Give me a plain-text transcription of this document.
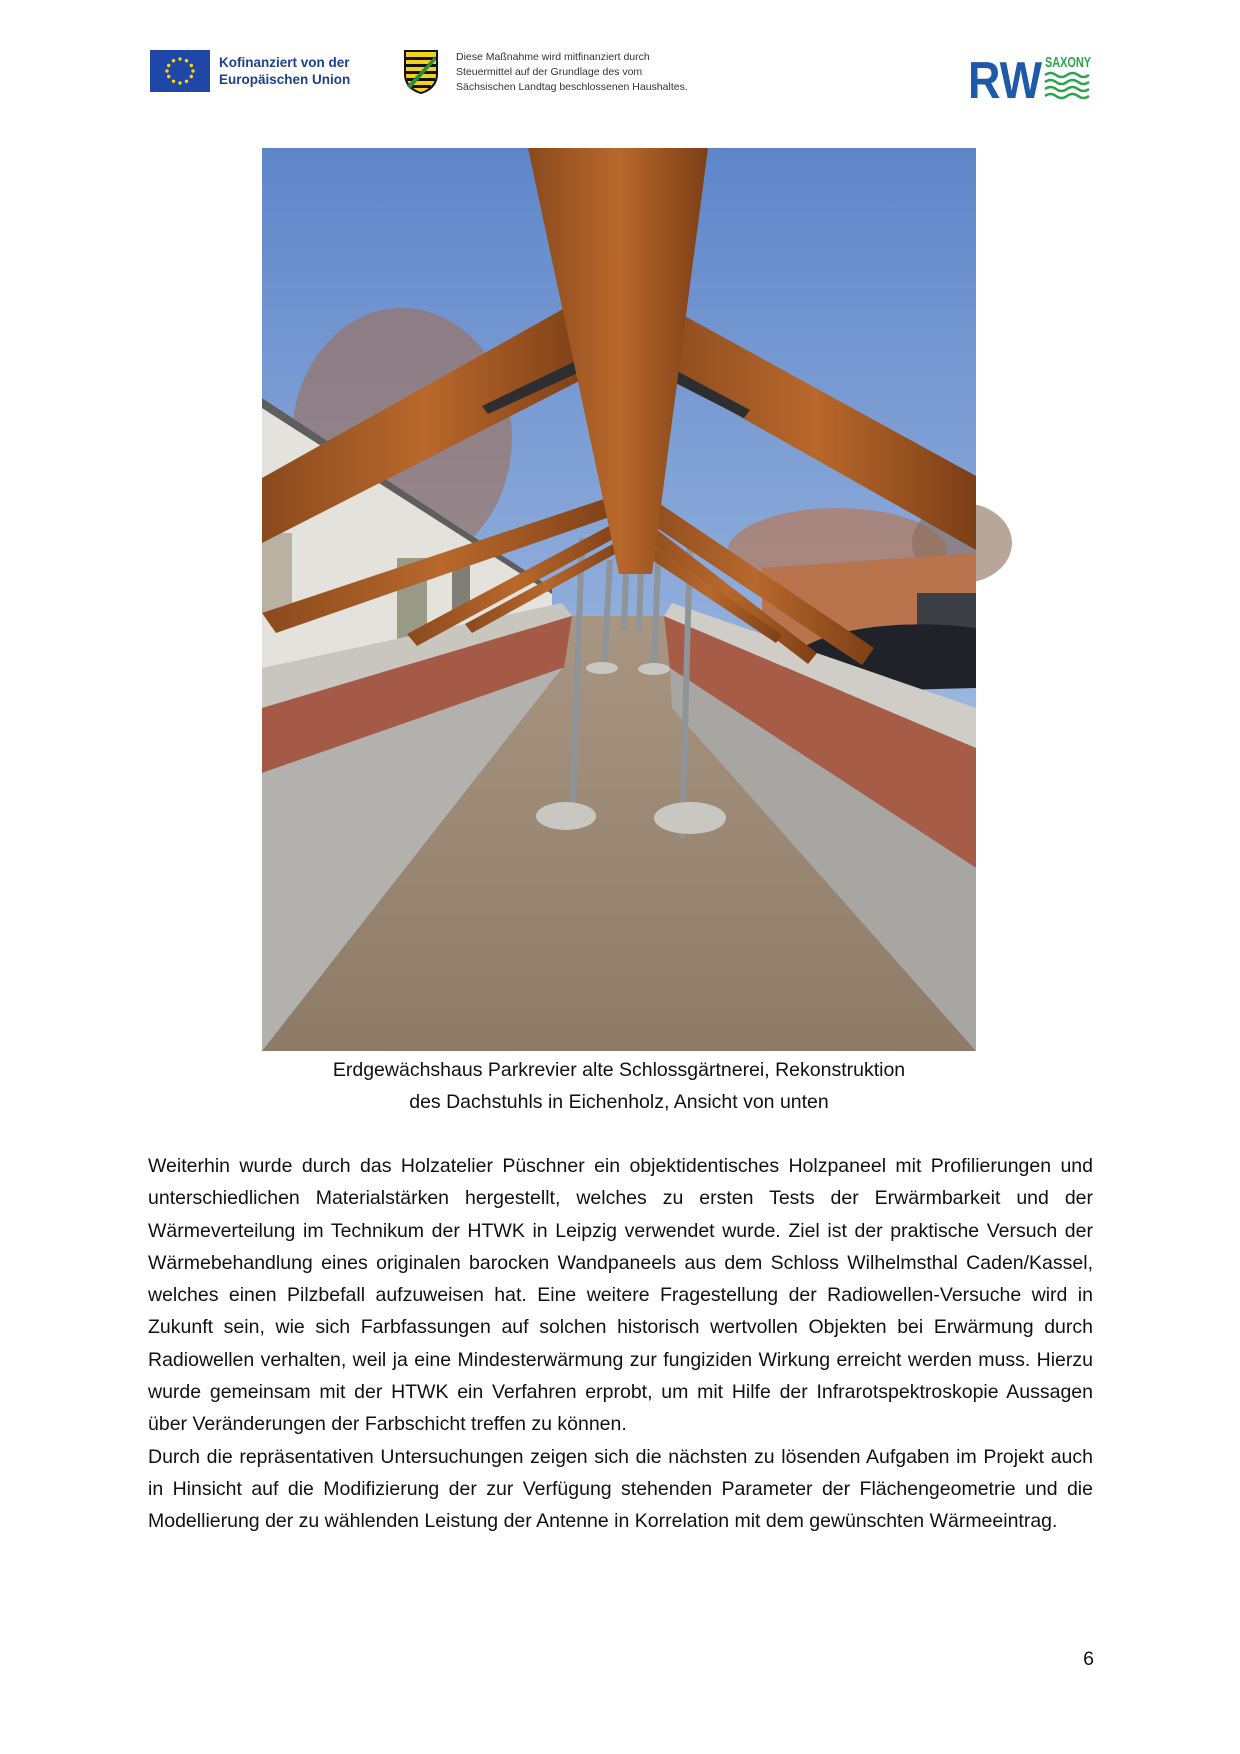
Kofinanziert von der
Europäischen Union
Diese Maßnahme wird mitfinanziert durch
Steuermittel auf der Grundlage des vom
Sächsischen Landtag beschlossenen Haushaltes.	RW SAXONY
Erdgewächshaus Parkrevier alte Schlossgärtnerei, Rekonstruktion
des Dachstuhls in Eichenholz, Ansicht von unten

Weiterhin wurde durch das Holzatelier Püschner ein objektidentisches Holzpaneel mit Profilierungen und unterschiedlichen Materialstärken hergestellt, welches zu ersten Tests der Erwärmbarkeit und der Wärmeverteilung im Technikum der HTWK in Leipzig verwendet wurde. Ziel ist der praktische Versuch der Wärmebehandlung eines originalen barocken Wandpaneels aus dem Schloss Wilhelmsthal Caden/Kassel, welches einen Pilzbefall aufzuweisen hat. Eine weitere Fragestellung der Radiowellen-Versuche wird in Zukunft sein, wie sich Farbfassungen auf solchen historisch wertvollen Objekten bei Erwärmung durch Radiowellen verhalten, weil ja eine Mindesterwärmung zur fungiziden Wirkung erreicht werden muss. Hierzu wurde gemeinsam mit der HTWK ein Verfahren erprobt, um mit Hilfe der Infrarotspektroskopie Aussagen über Veränderungen der Farbschicht treffen zu können.

Durch die repräsentativen Untersuchungen zeigen sich die nächsten zu lösenden Aufgaben im Projekt auch in Hinsicht auf die Modifizierung der zur Verfügung stehenden Parameter der Flächengeometrie und die Modellierung der zu wählenden Leistung der Antenne in Korrelation mit dem gewünschten Wärmeeintrag.

6
